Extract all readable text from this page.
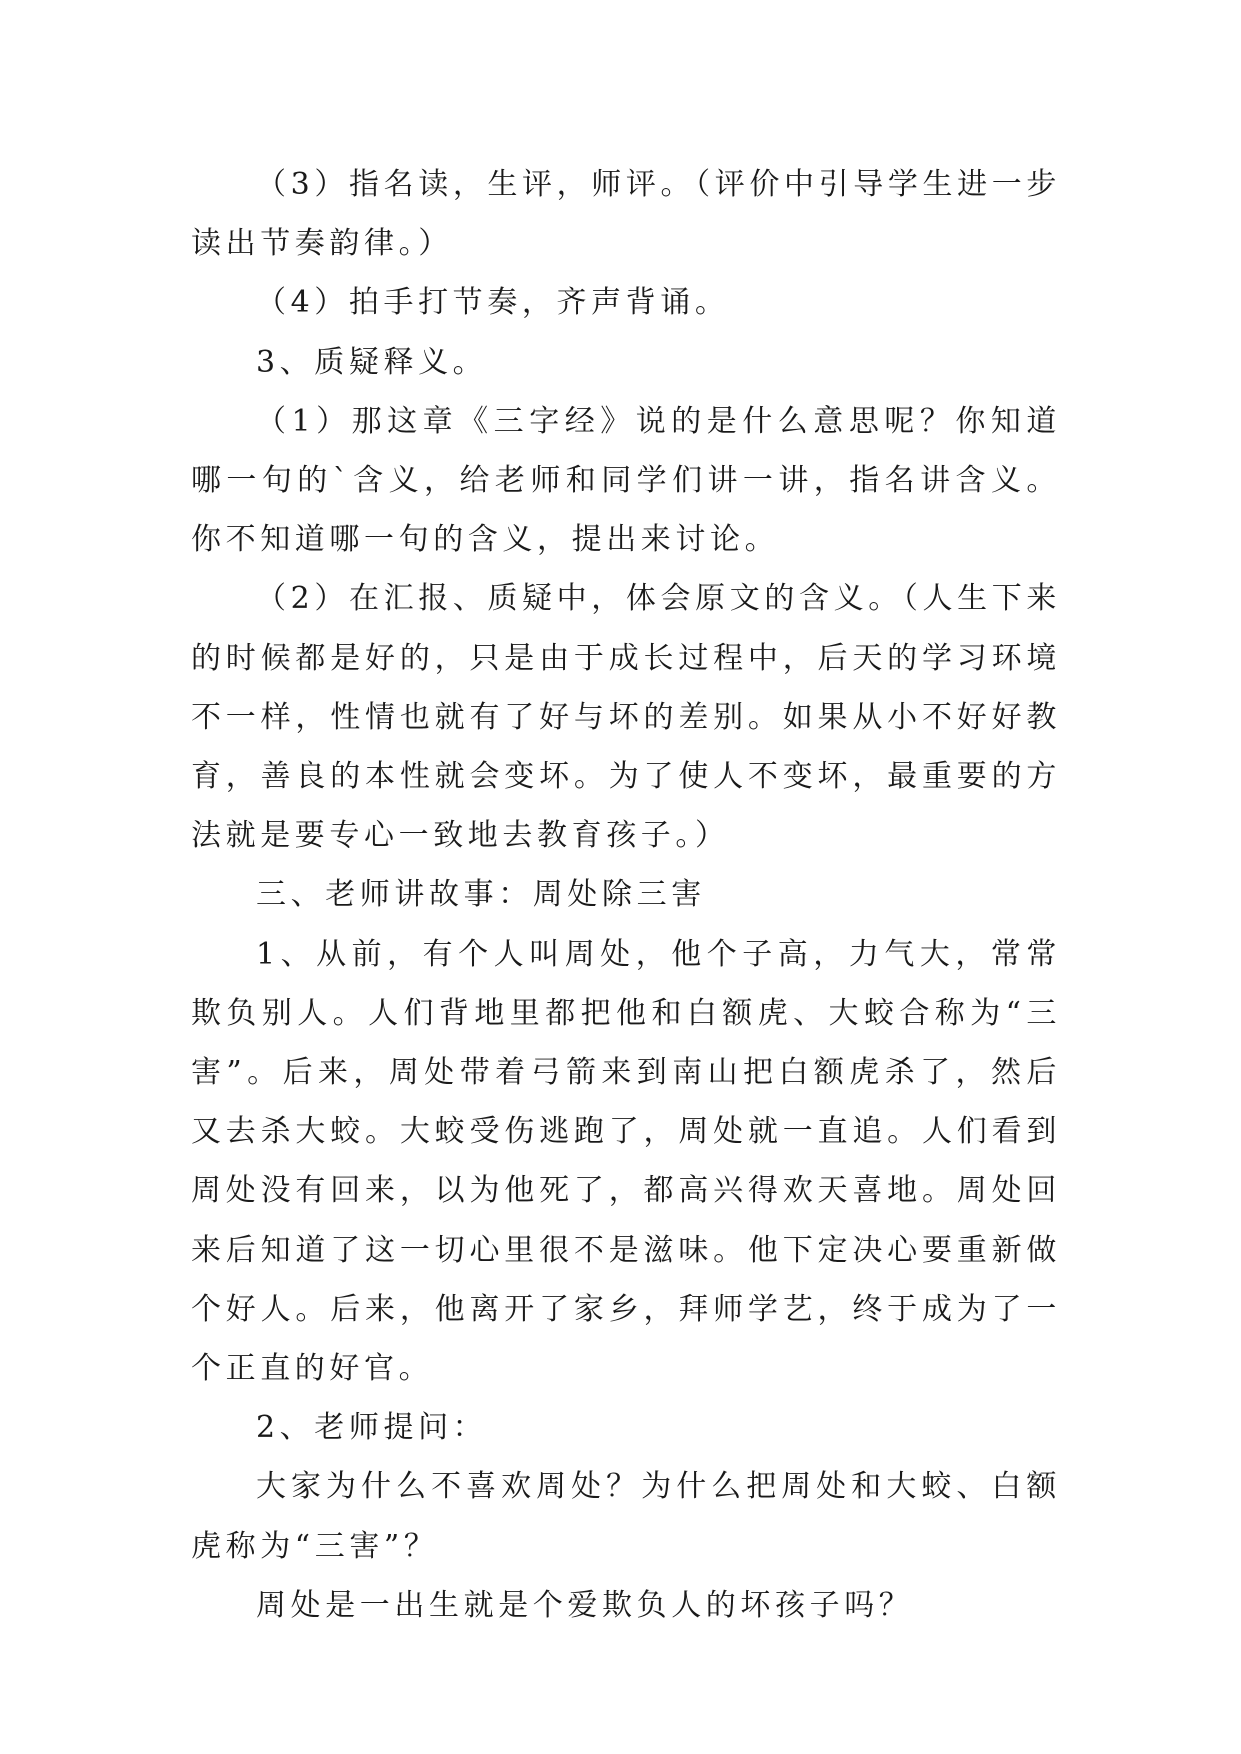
（3）指名读，生评，师评。（评价中引导学生进一步读出节奏韵律。）

（4）拍手打节奏，齐声背诵。

3、质疑释义。

（1）那这章《三字经》说的是什么意思呢？你知道哪一句的`含义，给老师和同学们讲一讲，指名讲含义。你不知道哪一句的含义，提出来讨论。

（2）在汇报、质疑中，体会原文的含义。（人生下来的时候都是好的，只是由于成长过程中，后天的学习环境不一样，性情也就有了好与坏的差别。如果从小不好好教育，善良的本性就会变坏。为了使人不变坏，最重要的方法就是要专心一致地去教育孩子。）

三、老师讲故事：周处除三害

1、从前，有个人叫周处，他个子高，力气大，常常欺负别人。人们背地里都把他和白额虎、大蛟合称为“三害”。后来，周处带着弓箭来到南山把白额虎杀了，然后又去杀大蛟。大蛟受伤逃跑了，周处就一直追。人们看到周处没有回来，以为他死了，都高兴得欢天喜地。周处回来后知道了这一切心里很不是滋味。他下定决心要重新做个好人。后来，他离开了家乡，拜师学艺，终于成为了一个正直的好官。

2、老师提问：

大家为什么不喜欢周处？为什么把周处和大蛟、白额虎称为“三害”？

周处是一出生就是个爱欺负人的坏孩子吗？
